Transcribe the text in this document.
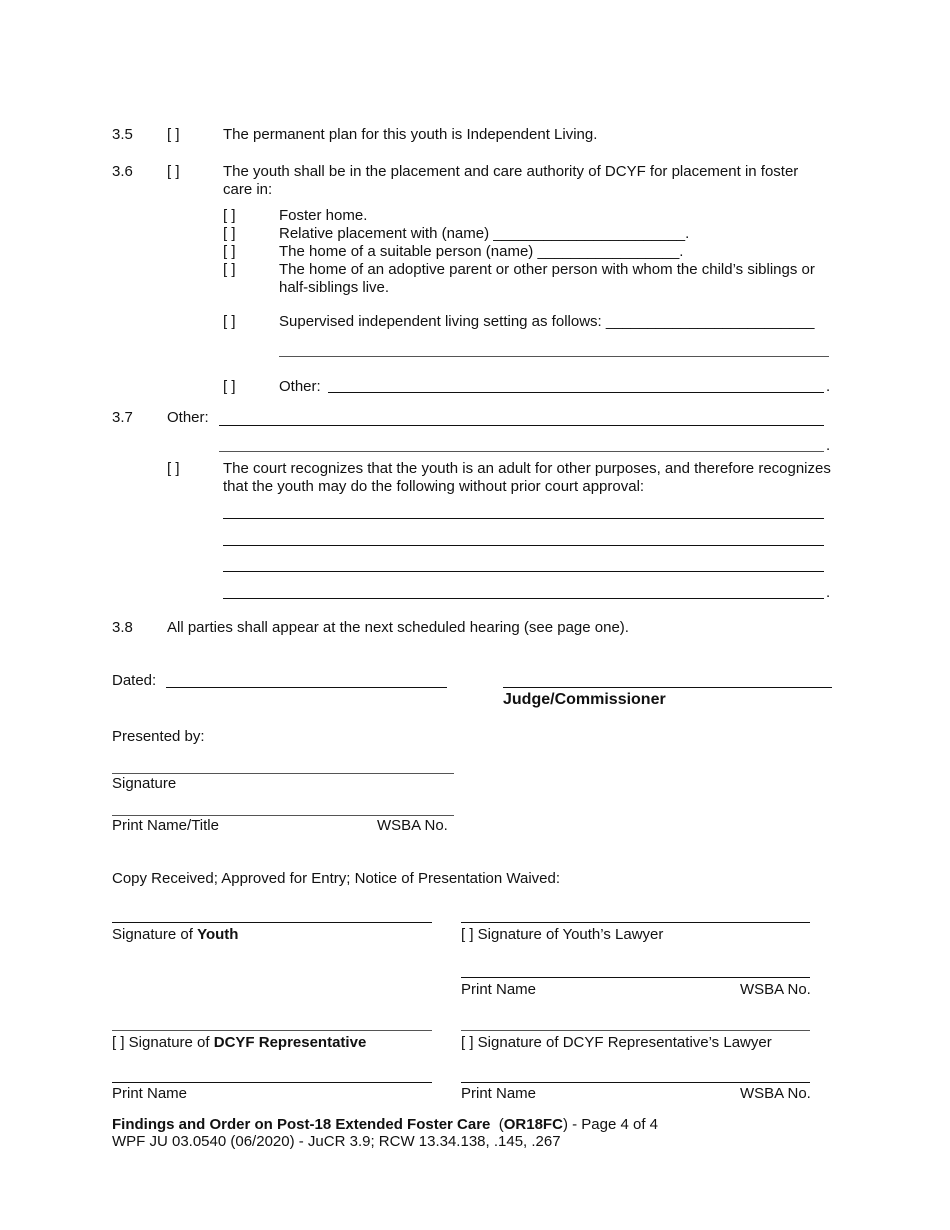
3.5 [ ]	The permanent plan for this youth is Independent Living.
3.6 [ ]	The youth shall be in the placement and care authority of DCYF for placement in foster care in:
[ ]	Foster home.
[ ]	Relative placement with (name) _______________________.
[ ]	The home of a suitable person (name) _________________.
[ ]	The home of an adoptive parent or other person with whom the child’s siblings or half-siblings live.
[ ]	Supervised independent living setting as follows: _________________________
[ ]	Other:	.
3.7 Other:
.
[ ]	The court recognizes that the youth is an adult for other purposes, and therefore recognizes that the youth may do the following without prior court approval:
.
3.8 All parties shall appear at the next scheduled hearing (see page one).
Dated:
Judge/Commissioner
Presented by:
Signature
Print Name/Title	WSBA No.
Copy Received; Approved for Entry; Notice of Presentation Waived:
Signature of Youth	[ ] Signature of Youth’s Lawyer
Print Name	WSBA No.
[ ] Signature of DCYF Representative	[ ] Signature of DCYF Representative’s Lawyer
Print Name	Print Name	WSBA No.
Findings and Order on Post-18 Extended Foster Care  (OR18FC) - Page 4 of 4
WPF JU 03.0540 (06/2020) - JuCR 3.9; RCW 13.34.138, .145, .267
